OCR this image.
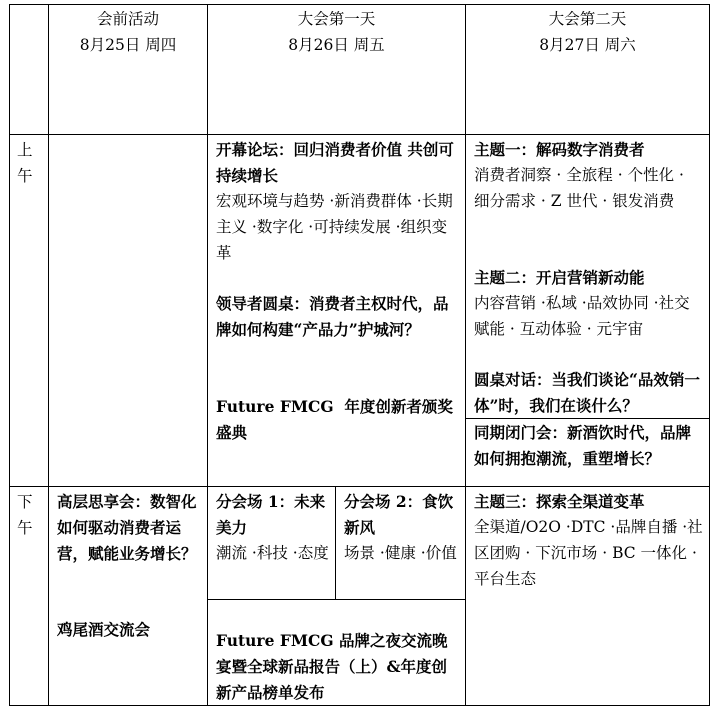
会前活动
8月25日 周四
大会第一天
8月26日 周五
大会第二天
8月27日 周六
上午
下午
开幕论坛：回归消费者价值 共创可持续增长
宏观环境与趋势 ·新消费群体 ·长期主义 ·数字化 ·可持续发展 ·组织变革
领导者圆桌：消费者主权时代，品牌如何构建“产品力”护城河？
Future FMCG  年度创新者颁奖盛典
主题一：解码数字消费者
消费者洞察 · 全旅程 · 个性化 · 细分需求 · Z 世代 · 银发消费
主题二：开启营销新动能
内容营销 ·私域 ·品效协同 ·社交赋能 · 互动体验 · 元宇宙
圆桌对话：当我们谈论“品效销一体”时，我们在谈什么？
同期闭门会：新酒饮时代，品牌如何拥抱潮流，重塑增长？
高层思享会：数智化如何驱动消费者运营，赋能业务增长？
鸡尾酒交流会
分会场 1：未来美力
潮流 ·科技 ·态度
分会场 2：食饮新风
场景 ·健康 ·价值
Future FMCG 品牌之夜交流晚宴暨全球新品报告（上）&年度创新产品榜单发布
主题三：探索全渠道变革
全渠道/O2O ·DTC ·品牌自播 ·社区团购 · 下沉市场 · BC 一体化 · 平台生态
